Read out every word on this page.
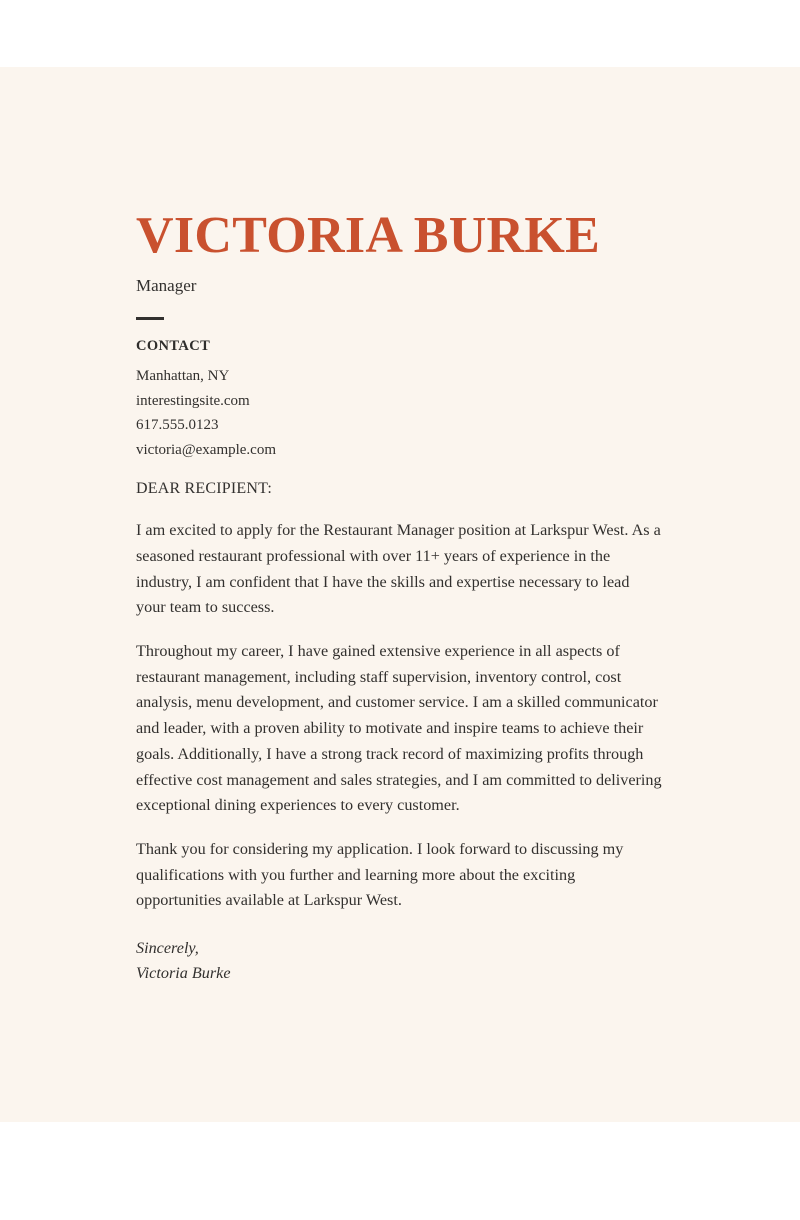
VICTORIA BURKE

Manager

CONTACT
Manhattan, NY
interestingsite.com
617.555.0123
victoria@example.com

DEAR RECIPIENT:

I am excited to apply for the Restaurant Manager position at Larkspur West. As a seasoned restaurant professional with over 11+ years of experience in the industry, I am confident that I have the skills and expertise necessary to lead your team to success.

Throughout my career, I have gained extensive experience in all aspects of restaurant management, including staff supervision, inventory control, cost analysis, menu development, and customer service. I am a skilled communicator and leader, with a proven ability to motivate and inspire teams to achieve their goals. Additionally, I have a strong track record of maximizing profits through effective cost management and sales strategies, and I am committed to delivering exceptional dining experiences to every customer.

Thank you for considering my application. I look forward to discussing my qualifications with you further and learning more about the exciting opportunities available at Larkspur West.

Sincerely,
Victoria Burke
